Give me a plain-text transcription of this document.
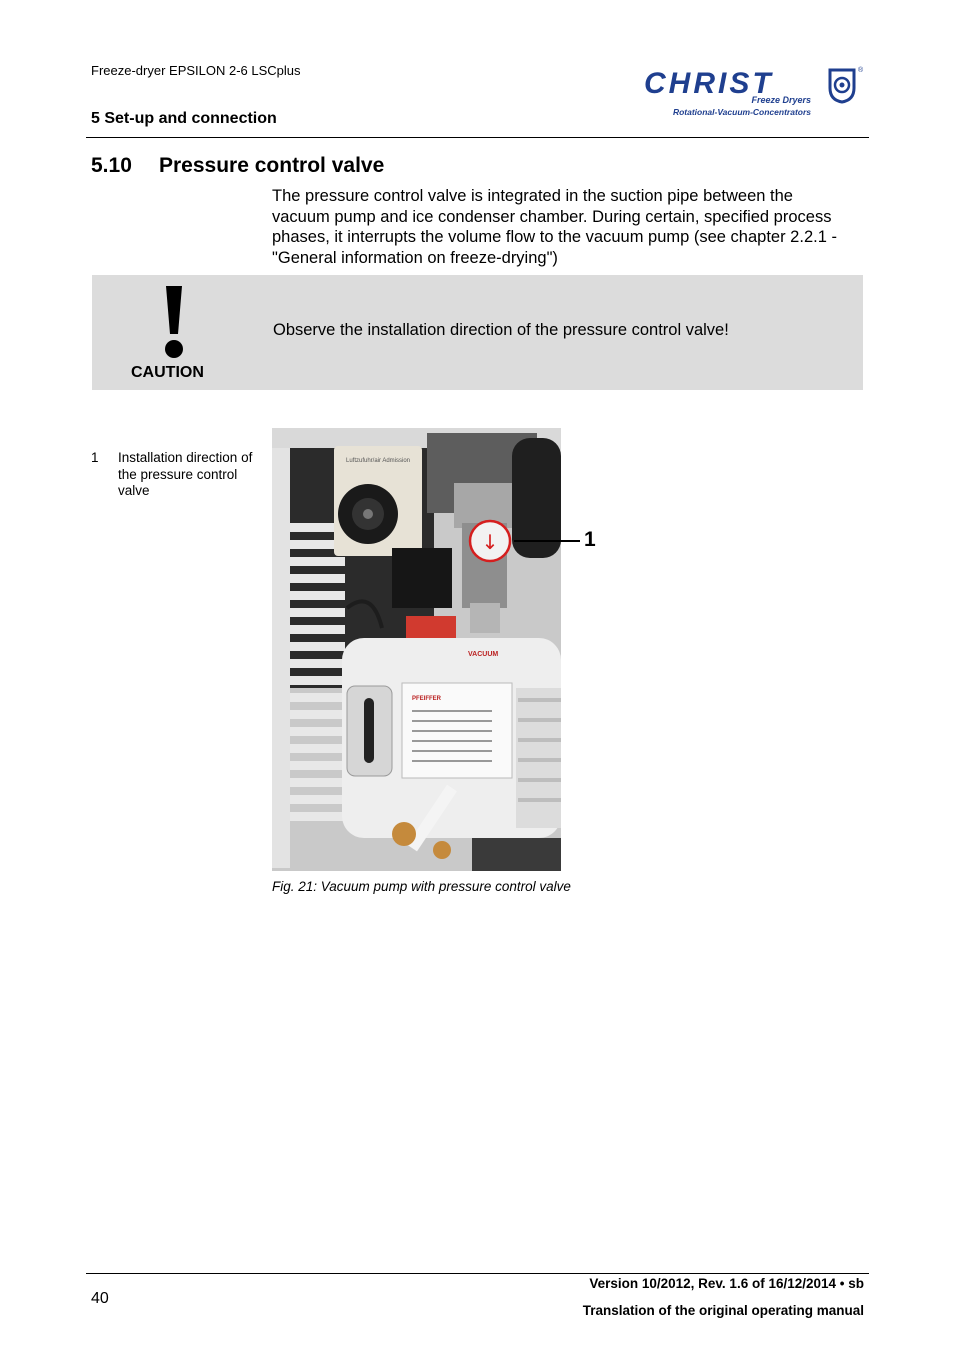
Freeze-dryer EPSILON 2-6 LSCplus
5 Set-up and connection
CHRIST	®
Freeze Dryers
Rotational-Vacuum-Concentrators
5.10 Pressure control valve
The pressure control valve is integrated in the suction pipe between the vacuum pump and ice condenser chamber. During certain, specified process phases, it interrupts the volume flow to the vacuum pump (see chapter 2.2.1 - "General information on freeze-drying")
CAUTION
Observe the installation direction of the pressure control valve!
1 Installation direction of the pressure control valve
Luftzufuhr/air Admission
PFEIFFER
VACUUM
↓	1
Fig. 21: Vacuum pump with pressure control valve
40
Version 10/2012, Rev. 1.6 of 16/12/2014 • sb
Translation of the original operating manual
